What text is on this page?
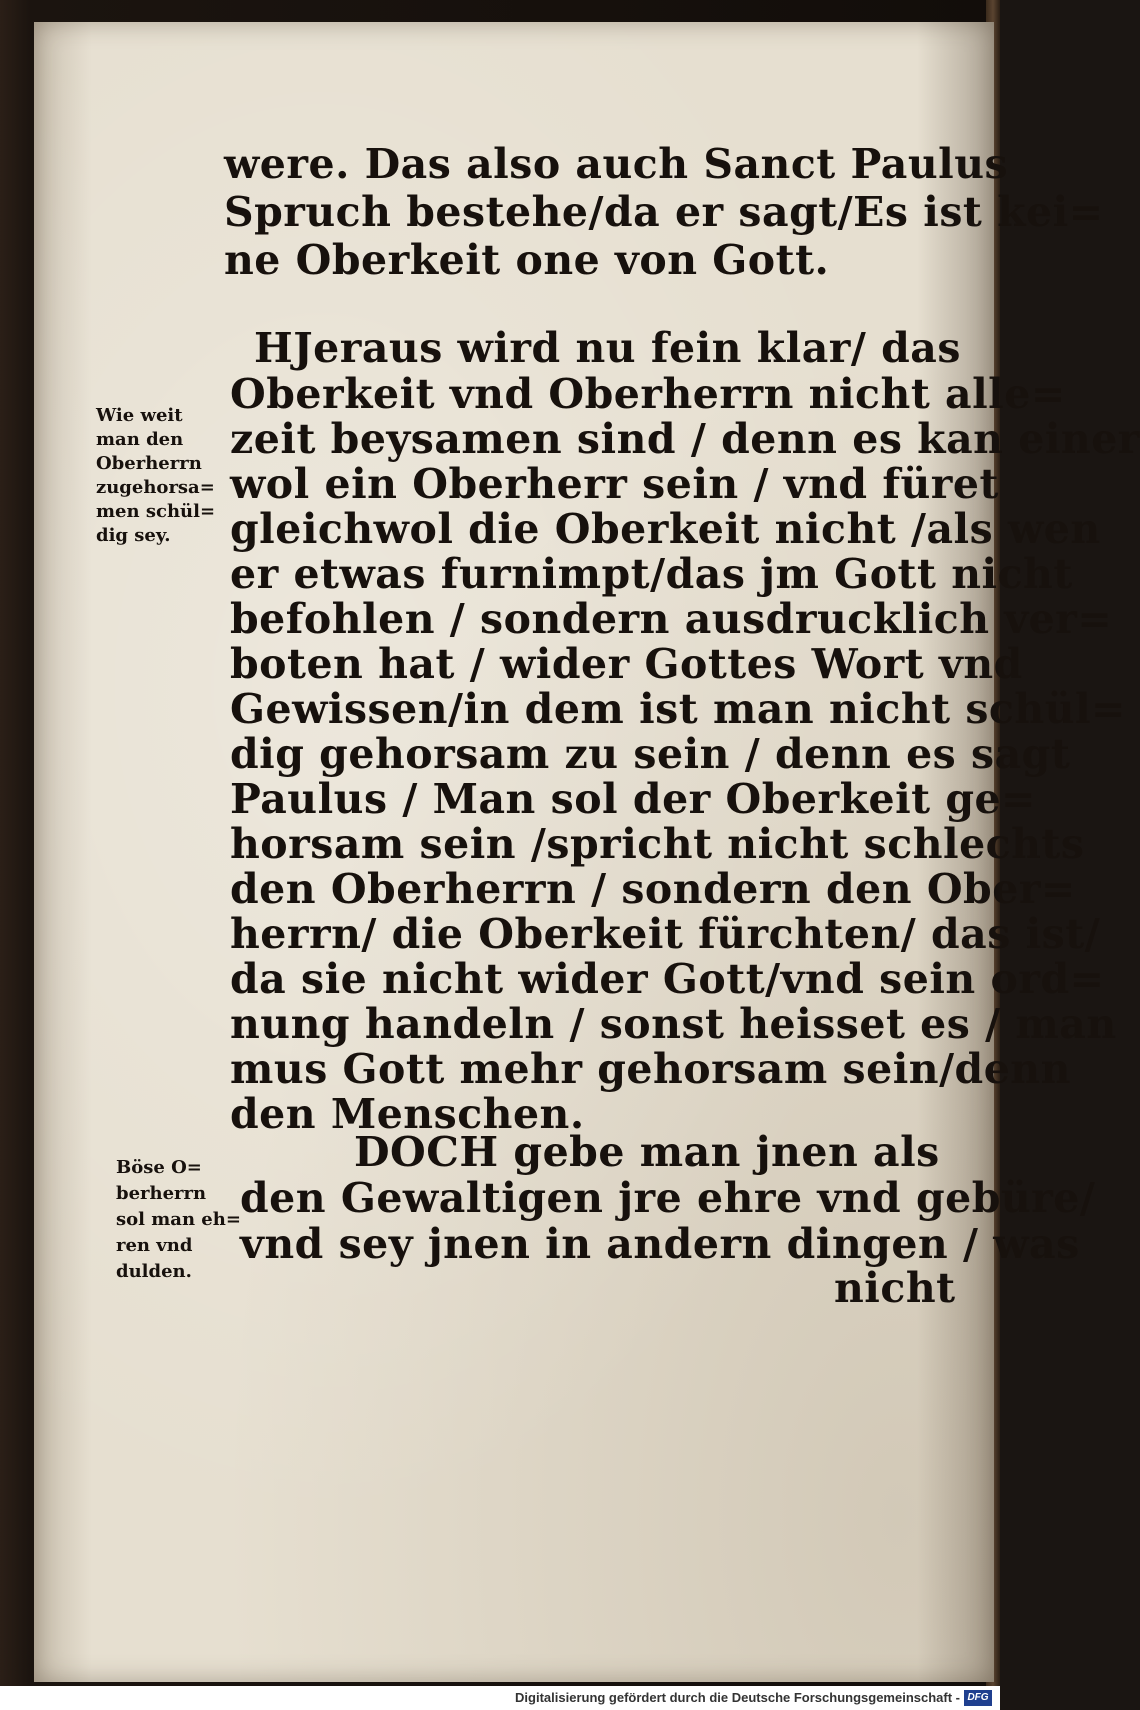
were. Das also auch Sanct Paulus
Spruch bestehe/da er sagt/Es ist kei=
ne Oberkeit one von Gott.
HJeraus wird nu fein klar/ das
Oberkeit vnd Oberherrn nicht alle=
zeit beysamen sind / denn es kan einer
wol ein Oberherr sein / vnd füret
gleichwol die Oberkeit nicht /als wen
er etwas furnimpt/das jm Gott nicht
befohlen / sondern ausdrucklich ver=
boten hat / wider Gottes Wort vnd
Gewissen/in dem ist man nicht schül=
dig gehorsam zu sein / denn es sagt
Paulus / Man sol der Oberkeit ge=
horsam sein /spricht nicht schlechts
den Oberherrn / sondern den Ober=
herrn/ die Oberkeit fürchten/ das ist/
da sie nicht wider Gott/vnd sein ord=
nung handeln / sonst heisset es / man
mus Gott mehr gehorsam sein/denn
den Menschen.
DOCH gebe man jnen als
den Gewaltigen jre ehre vnd gebüre/
vnd sey jnen in andern dingen / was
nicht
Wie weit
man den
Oberherrn
zugehorsa=
men schül=
dig sey.
Böse O=
berherrn
sol man eh=
ren vnd
dulden.
Digitalisierung gefördert durch die Deutsche Forschungsgemeinschaft - DFG
